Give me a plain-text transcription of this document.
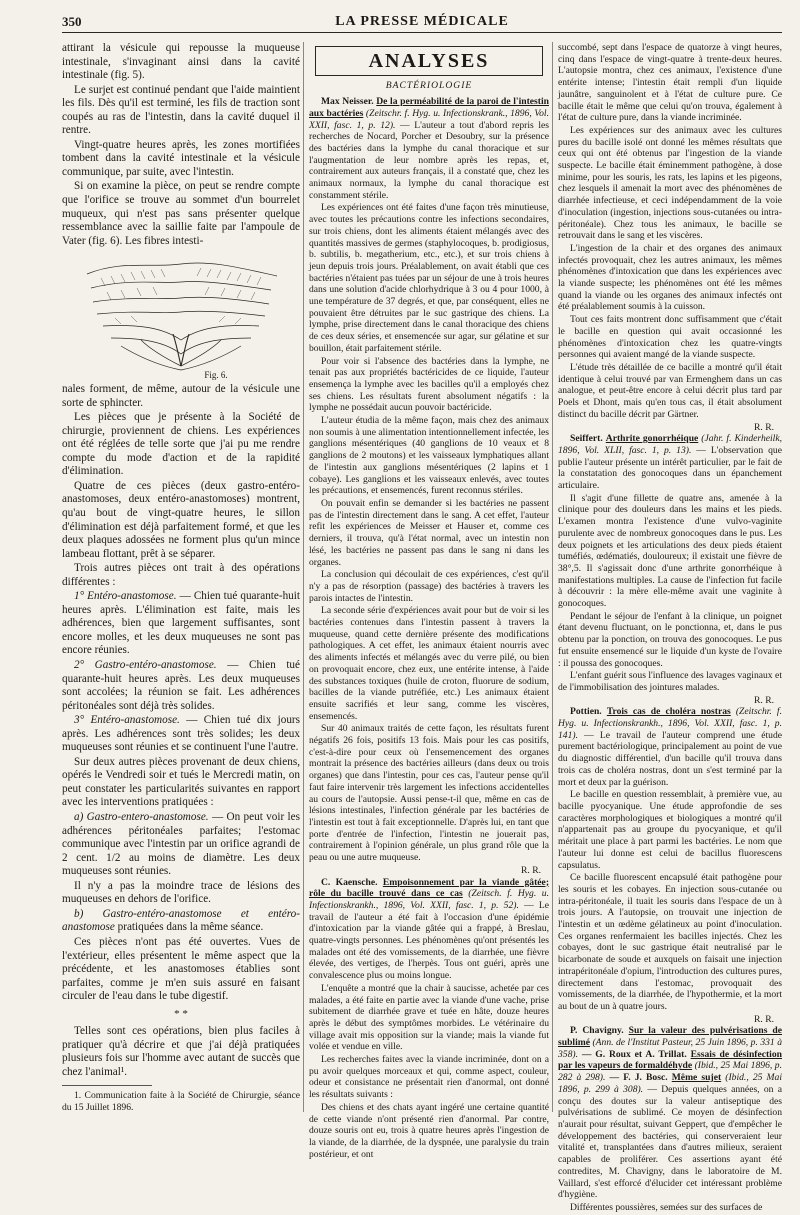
350	LA PRESSE MÉDICALE

attirant la vésicule qui repousse la muqueuse intestinale, s'invaginant ainsi dans la cavité intestinale (fig. 5).

Le surjet est continué pendant que l'aide maintient les fils. Dès qu'il est terminé, les fils de traction sont coupés au ras de l'intestin, dans la cavité duquel il rentre.

Vingt-quatre heures après, les zones mortifiées tombent dans la cavité intestinale et la vésicule communique, par suite, avec l'intestin.

Si on examine la pièce, on peut se rendre compte que l'orifice se trouve au sommet d'un bourrelet muqueux, qui n'est pas sans présenter quelque ressemblance avec la saillie faite par l'ampoule de Vater (fig. 6). Les fibres intesti-

Fig. 6.

nales forment, de même, autour de la vésicule une sorte de sphincter.

Les pièces que je présente à la Société de chirurgie, proviennent de chiens. Les expériences ont été réglées de telle sorte que j'ai pu me rendre compte du mode d'action et de la rapidité d'élimination.

Quatre de ces pièces (deux gastro-entéro-anastomoses, deux entéro-anastomoses) montrent, qu'au bout de vingt-quatre heures, le sillon d'élimination est déjà parfaitement formé, et que les deux plaques adossées ne forment plus qu'un mince lambeau flottant, prêt à se séparer.

Trois autres pièces ont trait à des opérations différentes :

1° Entéro-anastomose. — Chien tué quarante-huit heures après. L'élimination est faite, mais les adhérences, bien que largement suffisantes, sont encore molles, et les deux muqueuses ne sont pas encore réunies.

2° Gastro-entéro-anastomose. — Chien tué quarante-huit heures après. Les deux muqueuses sont accolées; la réunion se fait. Les adhérences péritonéales sont déjà très solides.

3° Entéro-anastomose. — Chien tué dix jours après. Les adhérences sont très solides; les deux muqueuses sont réunies et se continuent l'une l'autre.

Sur deux autres pièces provenant de deux chiens, opérés le Vendredi soir et tués le Mercredi matin, on peut constater les particularités suivantes en rapport avec les interventions pratiquées :

a) Gastro-entero-anastomose. — On peut voir les adhérences péritonéales parfaites; l'estomac communique avec l'intestin par un orifice agrandi de 2 cent. 1/2 au moins de diamètre. Les deux muqueuses sont réunies.

Il n'y a pas la moindre trace de lésions des muqueuses en dehors de l'orifice.

b) Gastro-entéro-anastomose et entéro-anastomose pratiquées dans la même séance.

Ces pièces n'ont pas été ouvertes. Vues de l'extérieur, elles présentent le même aspect que la précédente, et les anastomoses établies sont parfaites, comme je m'en suis assuré en faisant circuler de l'eau dans le tube digestif.

* *

Telles sont ces opérations, bien plus faciles à pratiquer qu'à décrire et que j'ai déjà pratiquées plusieurs fois sur l'homme avec autant de succès que chez l'animal¹.

1. Communication faite à la Société de Chirurgie, séance du 15 Juillet 1896.

ANALYSES
BACTÉRIOLOGIE

Max Neisser. De la perméabilité de la paroi de l'intestin aux bactéries (Zeitschr. f. Hyg. u. Infectionskrank., 1896, Vol. XXII, fasc. 1, p. 12). — L'auteur a tout d'abord repris les recherches de Nocard, Porcher et Desoubry, sur la présence des bactéries dans la lymphe du canal thoracique et sur l'augmentation de leur nombre après les repas, et, contrairement aux auteurs français, il a constaté que, chez les animaux normaux, la lymphe du canal thoracique est constamment stérile.

Les expériences ont été faites d'une façon très minutieuse, avec toutes les précautions contre les infections secondaires, sur trois chiens, dont les aliments étaient mélangés avec des quantités massives de germes (staphylocoques, b. prodigiosus, b. subtilis, b. megatherium, etc., etc.), et sur trois chiens à jeun depuis trois jours. Préalablement, on avait établi que ces bactéries n'étaient pas tuées par un séjour de une à trois heures dans une solution d'acide chlorhydrique à 3 ou 4 pour 1000, à une température de 37 degrés, et que, par conséquent, elles ne pouvaient être détruites par le suc gastrique des chiens. La lymphe, prise directement dans le canal thoracique des chiens de ces deux séries, et ensemencée sur agar, sur gélatine et sur bouillon, était parfaitement stérile.

Pour voir si l'absence des bactéries dans la lymphe, ne tenait pas aux propriétés bactéricides de ce liquide, l'auteur ensemença la lymphe avec les bacilles qu'il a employés chez ses chiens. Les résultats furent absolument négatifs : la lymphe ne possédait aucun pouvoir bactéricide.

L'auteur étudia de la même façon, mais chez des animaux non soumis à une alimentation intentionnellement infectée, les ganglions mésentériques (40 ganglions de 10 veaux et 8 ganglions de 2 moutons) et les vaisseaux lymphatiques allant de l'intestin aux ganglions mésentériques (2 lapins et 1 cobaye). Les ganglions et les vaisseaux enlevés, avec toutes les précautions, et ensemencés, furent reconnus stériles.

On pouvait enfin se demander si les bactéries ne passent pas de l'intestin directement dans le sang. A cet effet, l'auteur refit les expériences de Meisser et Hauser et, comme ces derniers, il trouva, qu'à l'état normal, avec un intestin non lésé, les bactéries ne passent pas dans le sang ni dans les organes.

La conclusion qui découlait de ces expériences, c'est qu'il n'y a pas de résorption (passage) des bactéries à travers les parois intactes de l'intestin.

La seconde série d'expériences avait pour but de voir si les bactéries contenues dans l'intestin passent à travers la muqueuse, quand cette dernière présente des modifications pathologiques. A cet effet, les animaux étaient nourris avec des aliments infectés et mélangés avec du verre pilé, ou bien on provoquait encore, chez eux, une entérite intense, à l'aide des substances toxiques (huile de croton, fluorure de sodium, bacilles de la viande putréfiée, etc.) Les animaux étaient ensuite sacrifiés et leur sang, comme les viscères, ensemencés.

Sur 40 animaux traités de cette façon, les résultats furent négatifs 26 fois, positifs 13 fois. Mais pour les cas positifs, c'est-à-dire pour ceux où l'ensemencement des organes montrait la présence des bactéries ailleurs (dans deux ou trois organes) que dans l'intestin, pour ces cas, l'auteur pense qu'il faut faire intervenir très largement les infections accidentelles au cours de l'autopsie. Aussi pense-t-il que, même en cas de lésions intestinales, l'infection générale par les bactéries de l'intestin est tout à fait exceptionnelle. D'après lui, en tant que porte d'entrée de l'infection, l'intestin ne jouerait pas, contrairement à l'opinion générale, un plus grand rôle que la peau ou une autre muqueuse.

R. R.

C. Kaensche. Empoisonnement par la viande gâtée; rôle du bacille trouvé dans ce cas (Zeitsch. f. Hyg. u. Infectionskrankh., 1896, Vol. XXII, fasc. 1, p. 52). — Le travail de l'auteur a été fait à l'occasion d'une épidémie d'intoxication par la viande gâtée qui a frappé, à Breslau, quatre-vingts personnes. Les phénomènes qu'ont présentés les malades ont été des vomissements, de la diarrhée, une fièvre élevée, des vertiges, de l'herpès. Tous ont guéri, après une convalescence plus ou moins longue.

L'enquête a montré que la chair à saucisse, achetée par ces malades, a été faite en partie avec la viande d'une vache, prise subitement de diarrhée grave et tuée en hâte, douze heures après le début des symptômes morbides. Le vétérinaire du village avait mis opposition sur la viande; mais la viande fut volée et vendue en ville.

Les recherches faites avec la viande incriminée, dont on a pu avoir quelques morceaux et qui, comme aspect, couleur, odeur et consistance ne présentait rien d'anormal, ont donné les résultats suivants :

Des chiens et des chats ayant ingéré une certaine quantité de cette viande n'ont présenté rien d'anormal. Par contre, douze souris ont eu, trois à quatre heures après l'ingestion de la viande, de la diarrhée, de la dyspnée, une paralysie du train postérieur, et ont

succombé, sept dans l'espace de quatorze à vingt heures, cinq dans l'espace de vingt-quatre à trente-deux heures. L'autopsie montra, chez ces animaux, l'existence d'une entérite intense; l'intestin était rempli d'un liquide jaunâtre, sanguinolent et à l'état de culture pure. Ce bacille était le même que celui qu'on trouva, également à l'état de culture pure, dans la viande incriminée.

Les expériences sur des animaux avec les cultures pures du bacille isolé ont donné les mêmes résultats que ceux qui ont été obtenus par l'ingestion de la viande suspecte. Le bacille était éminemment pathogène, à dose minime, pour les souris, les rats, les lapins et les pigeons, chez lesquels il amenait la mort avec des phénomènes de diarrhée infectieuse, et ceci indépendamment de la voie d'inoculation (ingestion, injections sous-cutanées ou intra-péritonéale). Chez tous les animaux, le bacille se retrouvait dans le sang et les viscères.

L'ingestion de la chair et des organes des animaux infectés provoquait, chez les autres animaux, les mêmes phénomènes d'intoxication que dans les expériences avec la viande suspecte; les phénomènes ont été les mêmes quand la viande ou les organes des animaux infectés ont été préalablement soumis à la cuisson.

Tout ces faits montrent donc suffisamment que c'était le bacille en question qui avait occasionné les phénomènes d'intoxication chez les quatre-vingts personnes qui avaient mangé de la viande suspecte.

L'étude très détaillée de ce bacille a montré qu'il était identique à celui trouvé par van Ermenghem dans un cas analogue, et peut-être encore à celui décrit plus tard par Poels et Dhont, mais qu'en tous cas, il était absolument distinct du bacille décrit par Gärtner.

R. R.

Seiffert. Arthrite gonorrhéique (Jahr. f. Kinderheilk, 1896, Vol. XLII, fasc. 1, p. 13). — L'observation que publie l'auteur présente un intérêt particulier, par le fait de la constatation des gonocoques dans un épanchement articulaire.

Il s'agit d'une fillette de quatre ans, amenée à la clinique pour des douleurs dans les mains et les pieds. L'examen montra l'existence d'une vulvo-vaginite purulente avec de nombreux gonocoques dans le pus. Les deux poignets et les articulations des deux pieds étaient tuméfiés, œdématiés, douloureux; il existait une fièvre de 38°,5. Il s'agissait donc d'une arthrite gonorrhéique à manifestations multiples. La cause de l'infection fut facile à découvrir : la mère elle-même avait une vaginite à gonocoques.

Pendant le séjour de l'enfant à la clinique, un poignet étant devenu fluctuant, on le ponctionna, et, dans le pus obtenu par la ponction, on trouva des gonocoques. Le pus fut ensuite ensemencé sur le liquide d'un kyste de l'ovaire : il poussa des gonocoques.

L'enfant guérit sous l'influence des lavages vaginaux et de l'immobilisation des jointures malades.

R. R.

Pottien. Trois cas de choléra nostras (Zeitschr. f. Hyg. u. Infectionskrankh., 1896, Vol. XXII, fasc. 1, p. 141). — Le travail de l'auteur comprend une étude purement bactériologique, principalement au point de vue du diagnostic différentiel, d'un bacille qu'il trouva dans trois cas de choléra nostras, dont un s'est terminé par la mort et deux par la guérison.

Le bacille en question ressemblait, à première vue, au bacille pyocyanique. Une étude approfondie de ses caractères morphologiques et biologiques a montré qu'il n'appartenait pas au groupe du pyocyanique, et qu'il méritait une place à part parmi les bactéries. Le nom que l'auteur lui donne est celui de bacillus fluorescens capsulatus.

Ce bacille fluorescent encapsulé était pathogène pour les souris et les cobayes. En injection sous-cutanée ou intra-péritonéale, il tuait les souris dans l'espace de un à trois jours. A l'autopsie, on trouvait une injection de l'intestin et un œdème gélatineux au point d'inoculation. Ces organes renfermaient les bacilles injectés. Chez les cobayes, dont le suc gastrique était neutralisé par le bicarbonate de soude et auxquels on faisait une injection intrapéritonéale d'opium, l'introduction des cultures pures, directement dans l'estomac, provoquait des vomissements, de la diarrhée, de l'hypothermie, et la mort au bout de un à quatre jours.

R. R.

P. Chavigny. Sur la valeur des pulvérisations de sublimé (Ann. de l'Institut Pasteur, 25 Juin 1896, p. 331 à 358). — G. Roux et A. Trillat. Essais de désinfection par les vapeurs de formaldéhyde (Ibid., 25 Mai 1896, p. 282 à 298). — F. J. Bosc. Même sujet (Ibid., 25 Mai 1896, p. 299 à 308). — Depuis quelques années, on a conçu des doutes sur la valeur antiseptique des pulvérisations de sublimé. Ce moyen de désinfection n'aurait pour résultat, suivant Geppert, que d'empêcher le développement des bactéries, qui conserveraient leur vitalité et, transplantées dans d'autres milieux, seraient capables de proliférer. Ces assertions ayant été contredites, M. Chavigny, dans le laboratoire de M. Vaillard, s'est efforcé d'élucider cet intéressant problème d'hygiène.

Différentes poussières, semées sur des surfaces de
